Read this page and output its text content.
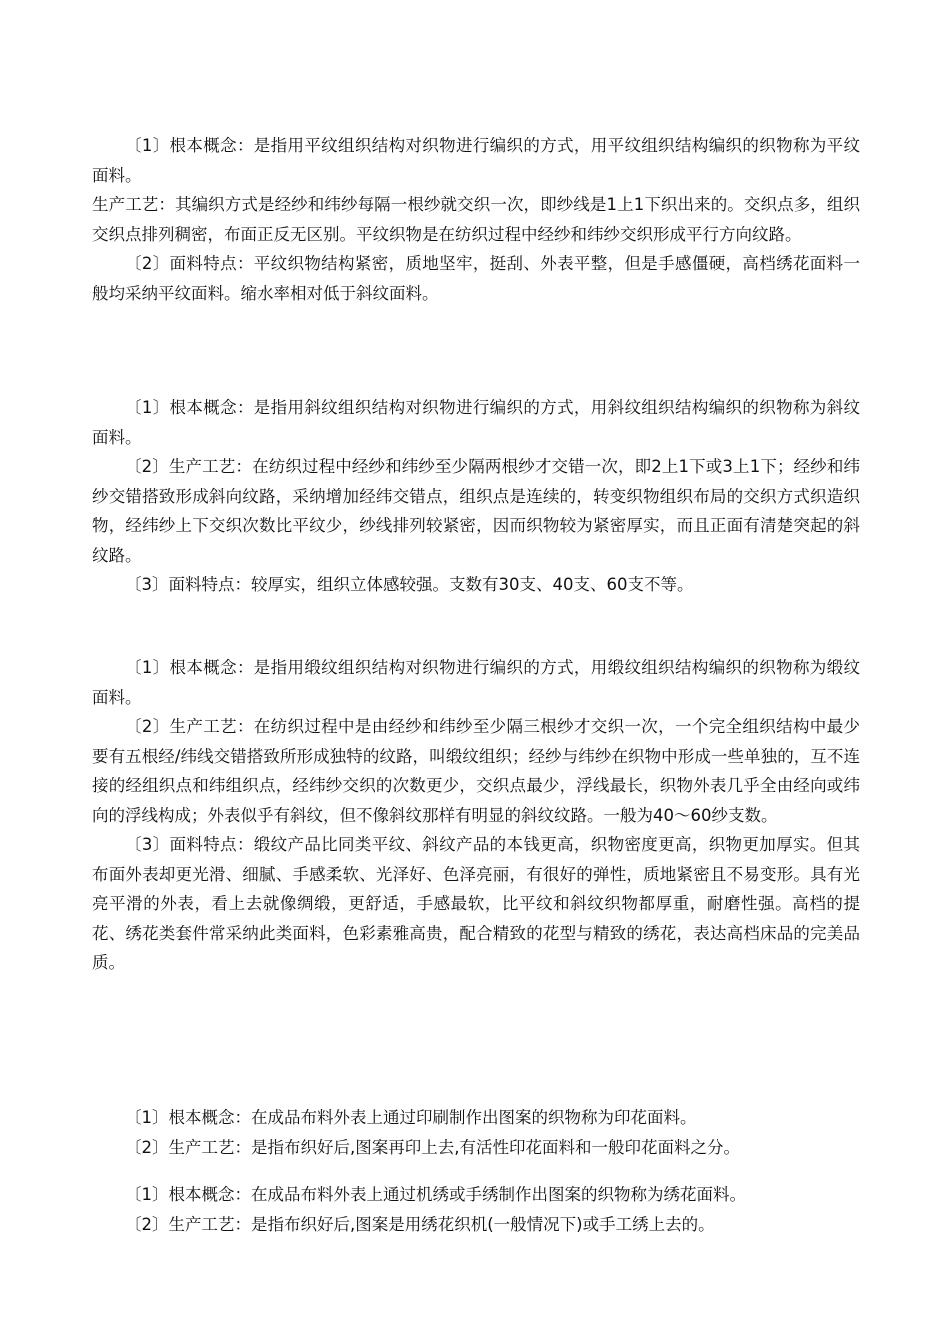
〔1〕根本概念：是指用平纹组织结构对织物进行编织的方式，用平纹组织结构编织的织物称为平纹面料。

生产工艺：其编织方式是经纱和纬纱每隔一根纱就交织一次，即纱线是1上1下织出来的。交织点多，组织交织点排列稠密，布面正反无区别。平纹织物是在纺织过程中经纱和纬纱交织形成平行方向纹路。

〔2〕面料特点：平纹织物结构紧密，质地坚牢，挺刮、外表平整，但是手感僵硬，高档绣花面料一般均采纳平纹面料。缩水率相对低于斜纹面料。

〔1〕根本概念：是指用斜纹组织结构对织物进行编织的方式，用斜纹组织结构编织的织物称为斜纹面料。

〔2〕生产工艺：在纺织过程中经纱和纬纱至少隔两根纱才交错一次，即2上1下或3上1下；经纱和纬纱交错搭致形成斜向纹路，采纳增加经纬交错点，组织点是连续的，转变织物组织布局的交织方式织造织物，经纬纱上下交织次数比平纹少，纱线排列较紧密，因而织物较为紧密厚实，而且正面有清楚突起的斜纹路。

〔3〕面料特点：较厚实，组织立体感较强。支数有30支、40支、60支不等。

〔1〕根本概念：是指用缎纹组织结构对织物进行编织的方式，用缎纹组织结构编织的织物称为缎纹面料。

〔2〕生产工艺：在纺织过程中是由经纱和纬纱至少隔三根纱才交织一次，一个完全组织结构中最少要有五根经/纬线交错搭致所形成独特的纹路，叫缎纹组织；经纱与纬纱在织物中形成一些单独的，互不连接的经组织点和纬组织点，经纬纱交织的次数更少，交织点最少，浮线最长，织物外表几乎全由经向或纬向的浮线构成；外表似乎有斜纹，但不像斜纹那样有明显的斜纹纹路。一般为40～60纱支数。

〔3〕面料特点：缎纹产品比同类平纹、斜纹产品的本钱更高，织物密度更高，织物更加厚实。但其布面外表却更光滑、细腻、手感柔软、光泽好、色泽亮丽，有很好的弹性，质地紧密且不易变形。具有光亮平滑的外表，看上去就像绸缎，更舒适，手感最软，比平纹和斜纹织物都厚重，耐磨性强。高档的提花、绣花类套件常采纳此类面料，色彩素雅高贵，配合精致的花型与精致的绣花，表达高档床品的完美品质。

〔1〕根本概念：在成品布料外表上通过印刷制作出图案的织物称为印花面料。

〔2〕生产工艺：是指布织好后,图案再印上去,有活性印花面料和一般印花面料之分。

〔1〕根本概念：在成品布料外表上通过机绣或手绣制作出图案的织物称为绣花面料。

〔2〕生产工艺：是指布织好后,图案是用绣花织机(一般情况下)或手工绣上去的。
